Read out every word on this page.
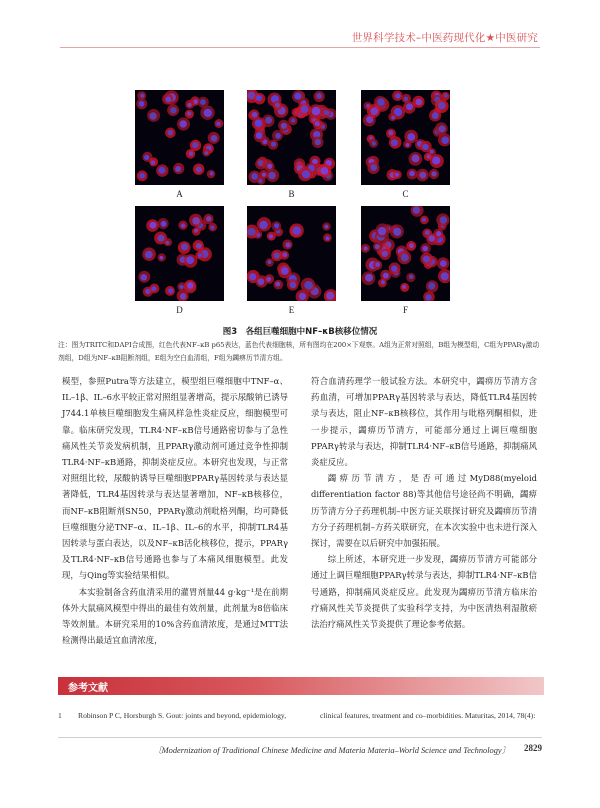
世界科学技术–中医药现代化★中医研究
A	B	C
D	E	F
图3　各组巨噬细胞中NF–κB核移位情况
注：图为TRITC和DAPI合成图，红色代表NF–κB p65表达，蓝色代表细胞核，所有图均在200×下观察。A组为正常对照组，B组为模型组，C组为PPARγ激动剂组，D组为NF–κB阻断剂组，E组为空白血清组，F组为蠲痹历节清方组。

模型，参照Putra等方法建立，模型组巨噬细胞中TNF–α、IL–1β、IL–6水平较正常对照组显著增高，提示尿酸钠已诱导J744.1单核巨噬细胞发生痛风样急性炎症反应，细胞模型可靠。临床研究发现，TLR4·NF–κB信号通路密切参与了急性痛风性关节炎发病机制，且PPARγ激动剂可通过竞争性抑制TLR4·NF–κB通路，抑制炎症反应。本研究也发现，与正常对照组比较，尿酸钠诱导巨噬细胞PPARγ基因转录与表达显著降低，TLR4基因转录与表达显著增加，NF–κB核移位，而NF–κB阻断剂SN50，PPARγ激动剂吡格列酮，均可降低巨噬细胞分泌TNF–α、IL–1β、IL–6的水平，抑制TLR4基因转录与蛋白表达，以及NF–κB活化核移位，提示，PPARγ及TLR4·NF–κB信号通路也参与了本痛风细胞模型。此发现，与Qing等实验结果相似。

本实验制备含药血清采用的灌胃剂量44 g·kg⁻¹是在前期体外大鼠痛风模型中得出的最佳有效剂量，此剂量为8倍临床等效剂量。本研究采用的10%含药血清浓度，是通过MTT法检测得出最适宜血清浓度，

符合血清药理学一般试验方法。本研究中，蠲痹历节清方含药血清，可增加PPARγ基因转录与表达，降低TLR4基因转录与表达，阻止NF–κB核移位，其作用与吡格列酮相似，进一步提示，蠲痹历节清方，可能部分通过上调巨噬细胞PPARγ转录与表达，抑制TLR4·NF–κB信号通路，抑制痛风炎症反应。

蠲痹历节清方，是否可通过MyD88(myeloid differentiation factor 88)等其他信号途径尚不明确，蠲痹历节清方分子药理机制–中医方证关联探讨研究及蠲痹历节清方分子药理机制–方药关联研究，在本次实验中也未进行深入探讨，需要在以后研究中加强拓展。

综上所述，本研究进一步发现，蠲痹历节清方可能部分通过上调巨噬细胞PPARγ转录与表达，抑制TLR4·NF–κB信号通路，抑制痛风炎症反应。此发现为蠲痹历节清方临床治疗痛风性关节炎提供了实验科学支持，为中医清热利湿散瘀法治疗痛风性关节炎提供了理论参考依据。

参考文献
1 Robinson P C, Horsburgh S. Gout: joints and beyond, epidemiology,	clinical features, treatment and co–morbidities. Maturitas, 2014, 78(4):
〔Modernization of Traditional Chinese Medicine and Materia Materia–World Science and Technology〕 2829
